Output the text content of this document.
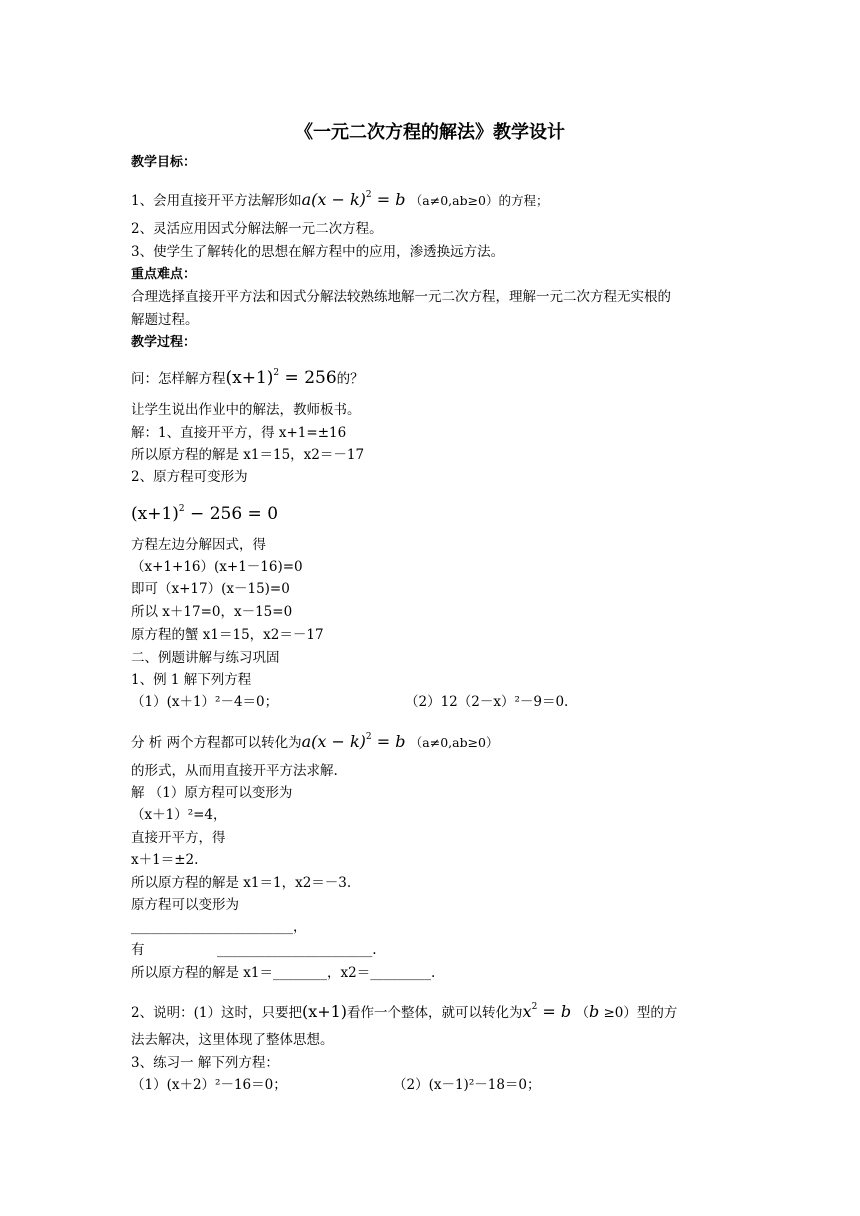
《一元二次方程的解法》教学设计
教学目标：
1、会用直接开平方法解形如$a(x - k)^2 = b$ （a≠0,ab≥0）的方程；
2、灵活应用因式分解法解一元二次方程。
3、使学生了解转化的思想在解方程中的应用，渗透换远方法。
重点难点：
合理选择直接开平方法和因式分解法较熟练地解一元二次方程，理解一元二次方程无实根的
解题过程。
教学过程：
问：怎样解方程$(x+1)^2 = 256$的？
让学生说出作业中的解法，教师板书。
解：1、直接开平方，得 x+1=±16
所以原方程的解是 x1＝15，x2＝－17
2、原方程可变形为
$(x+1)^2 - 256 = 0$
方程左边分解因式，得
（x+1+16）(x+1－16)=0
即可（x+17）(x－15)=0
所以 x＋17=0，x－15=0
原方程的蟹 x1＝15，x2＝－17
二、例题讲解与练习巩固
1、例 1 解下列方程
（1）(x＋1）²－4＝0；	（2）12（2－x）²－9＝0.
分 析 两个方程都可以转化为$a(x - k)^2 = b$ （a≠0,ab≥0）
的形式，从而用直接开平方法求解.
解 （1）原方程可以变形为
（x＋1）²=4，
直接开平方，得
x＋1＝±2.
所以原方程的解是 x1＝1，x2＝－3.
原方程可以变形为
________________________，
有	_______________________.
所以原方程的解是 x1＝________，x2＝_________.
2、说明：(1）这时，只要把(x+1)看作一个整体，就可以转化为$x^2 = b$ （b ≥0）型的方
法去解决，这里体现了整体思想。
3、练习一 解下列方程：
（1）(x＋2）²－16＝0；	（2）(x－1)²－18＝0；
